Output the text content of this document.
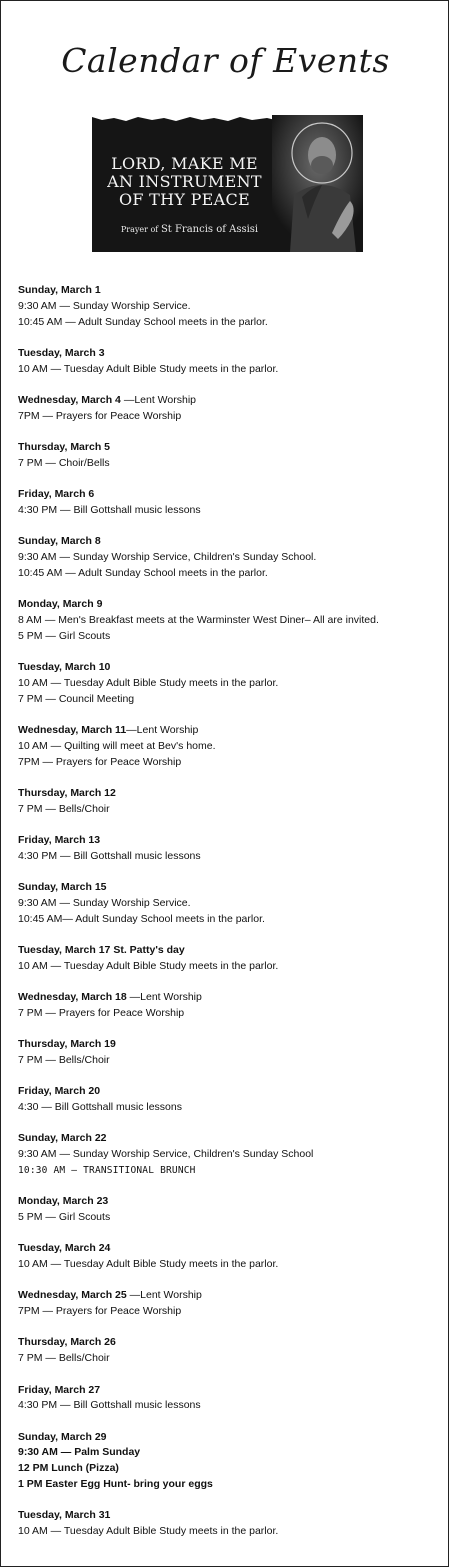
Calendar of Events
LORD, MAKE ME
AN INSTRUMENT
OF THY PEACE
Prayer of St Francis of Assisi
Sunday, March 1
9:30 AM — Sunday Worship Service.
10:45 AM — Adult Sunday School meets in the parlor.
Tuesday, March 3
10 AM — Tuesday Adult Bible Study meets in the parlor.
Wednesday, March 4 —Lent Worship
7PM — Prayers for Peace Worship
Thursday, March 5
7 PM — Choir/Bells
Friday, March 6
4:30 PM — Bill Gottshall music lessons
Sunday, March 8
9:30 AM — Sunday Worship Service, Children's Sunday School.
10:45 AM — Adult Sunday School meets in the parlor.
Monday, March 9
8 AM — Men's Breakfast meets at the Warminster West Diner– All are invited.
5 PM — Girl Scouts
Tuesday, March 10
10 AM — Tuesday Adult Bible Study meets in the parlor.
7 PM — Council Meeting
Wednesday, March 11—Lent Worship
10 AM — Quilting will meet at Bev's home.
7PM — Prayers for Peace Worship
Thursday, March 12
7 PM — Bells/Choir
Friday, March 13
4:30 PM — Bill Gottshall music lessons
Sunday, March 15
9:30 AM — Sunday Worship Service.
10:45 AM— Adult Sunday School meets in the parlor.
Tuesday, March 17 St. Patty's day
10 AM — Tuesday Adult Bible Study meets in the parlor.
Wednesday, March 18 —Lent Worship
7 PM — Prayers for Peace Worship
Thursday, March 19
7 PM — Bells/Choir
Friday, March 20
4:30 — Bill Gottshall music lessons
Sunday, March 22
9:30 AM — Sunday Worship Service, Children's Sunday School
10:30 AM — TRANSITIONAL BRUNCH
Monday, March 23
5 PM — Girl Scouts
Tuesday, March 24
10 AM — Tuesday Adult Bible Study meets in the parlor.
Wednesday, March 25 —Lent Worship
7PM — Prayers for Peace Worship
Thursday, March 26
7 PM — Bells/Choir
Friday, March 27
4:30 PM — Bill Gottshall music lessons
Sunday, March 29
9:30 AM — Palm Sunday
12 PM Lunch (Pizza)
1 PM Easter Egg Hunt- bring your eggs
Tuesday, March 31
10 AM — Tuesday Adult Bible Study meets in the parlor.
